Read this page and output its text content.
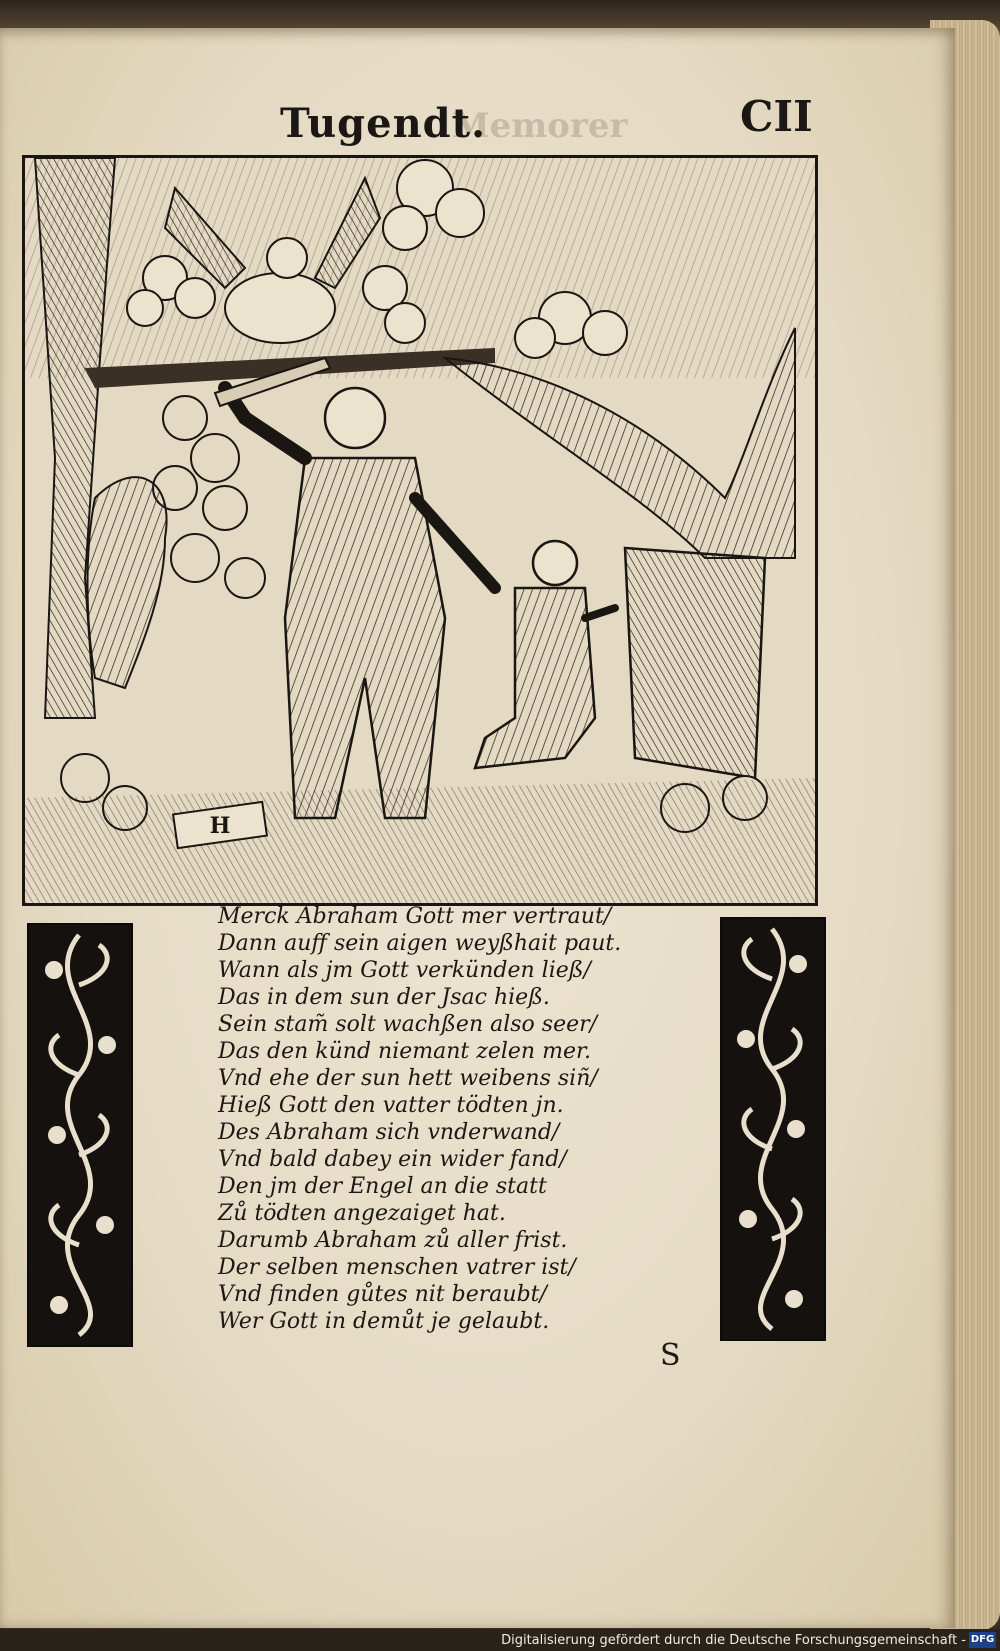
Memorer
Tugendt.	CII
H
Merck Abraham Gott mer vertraut/
Dann auff sein aigen weyßhait paut.
Wann als jm Gott verkünden ließ/
Das in dem sun der Jsac hieß.
Sein stam̃ solt wachßen also seer/
Das den künd niemant zelen mer.
Vnd ehe der sun hett weibens siñ/
Hieß Gott den vatter tödten jn.
Des Abraham sich vnderwand/
Vnd bald dabey ein wider fand/
Den jm der Engel an die statt
Zů tödten angezaiget hat.
Darumb Abraham zů aller frist.
Der selben menschen vatrer ist/
Vnd finden gůtes nit beraubt/
Wer Gott in demůt je gelaubt.
S
Digitalisierung gefördert durch die Deutsche Forschungsgemeinschaft - DFG
